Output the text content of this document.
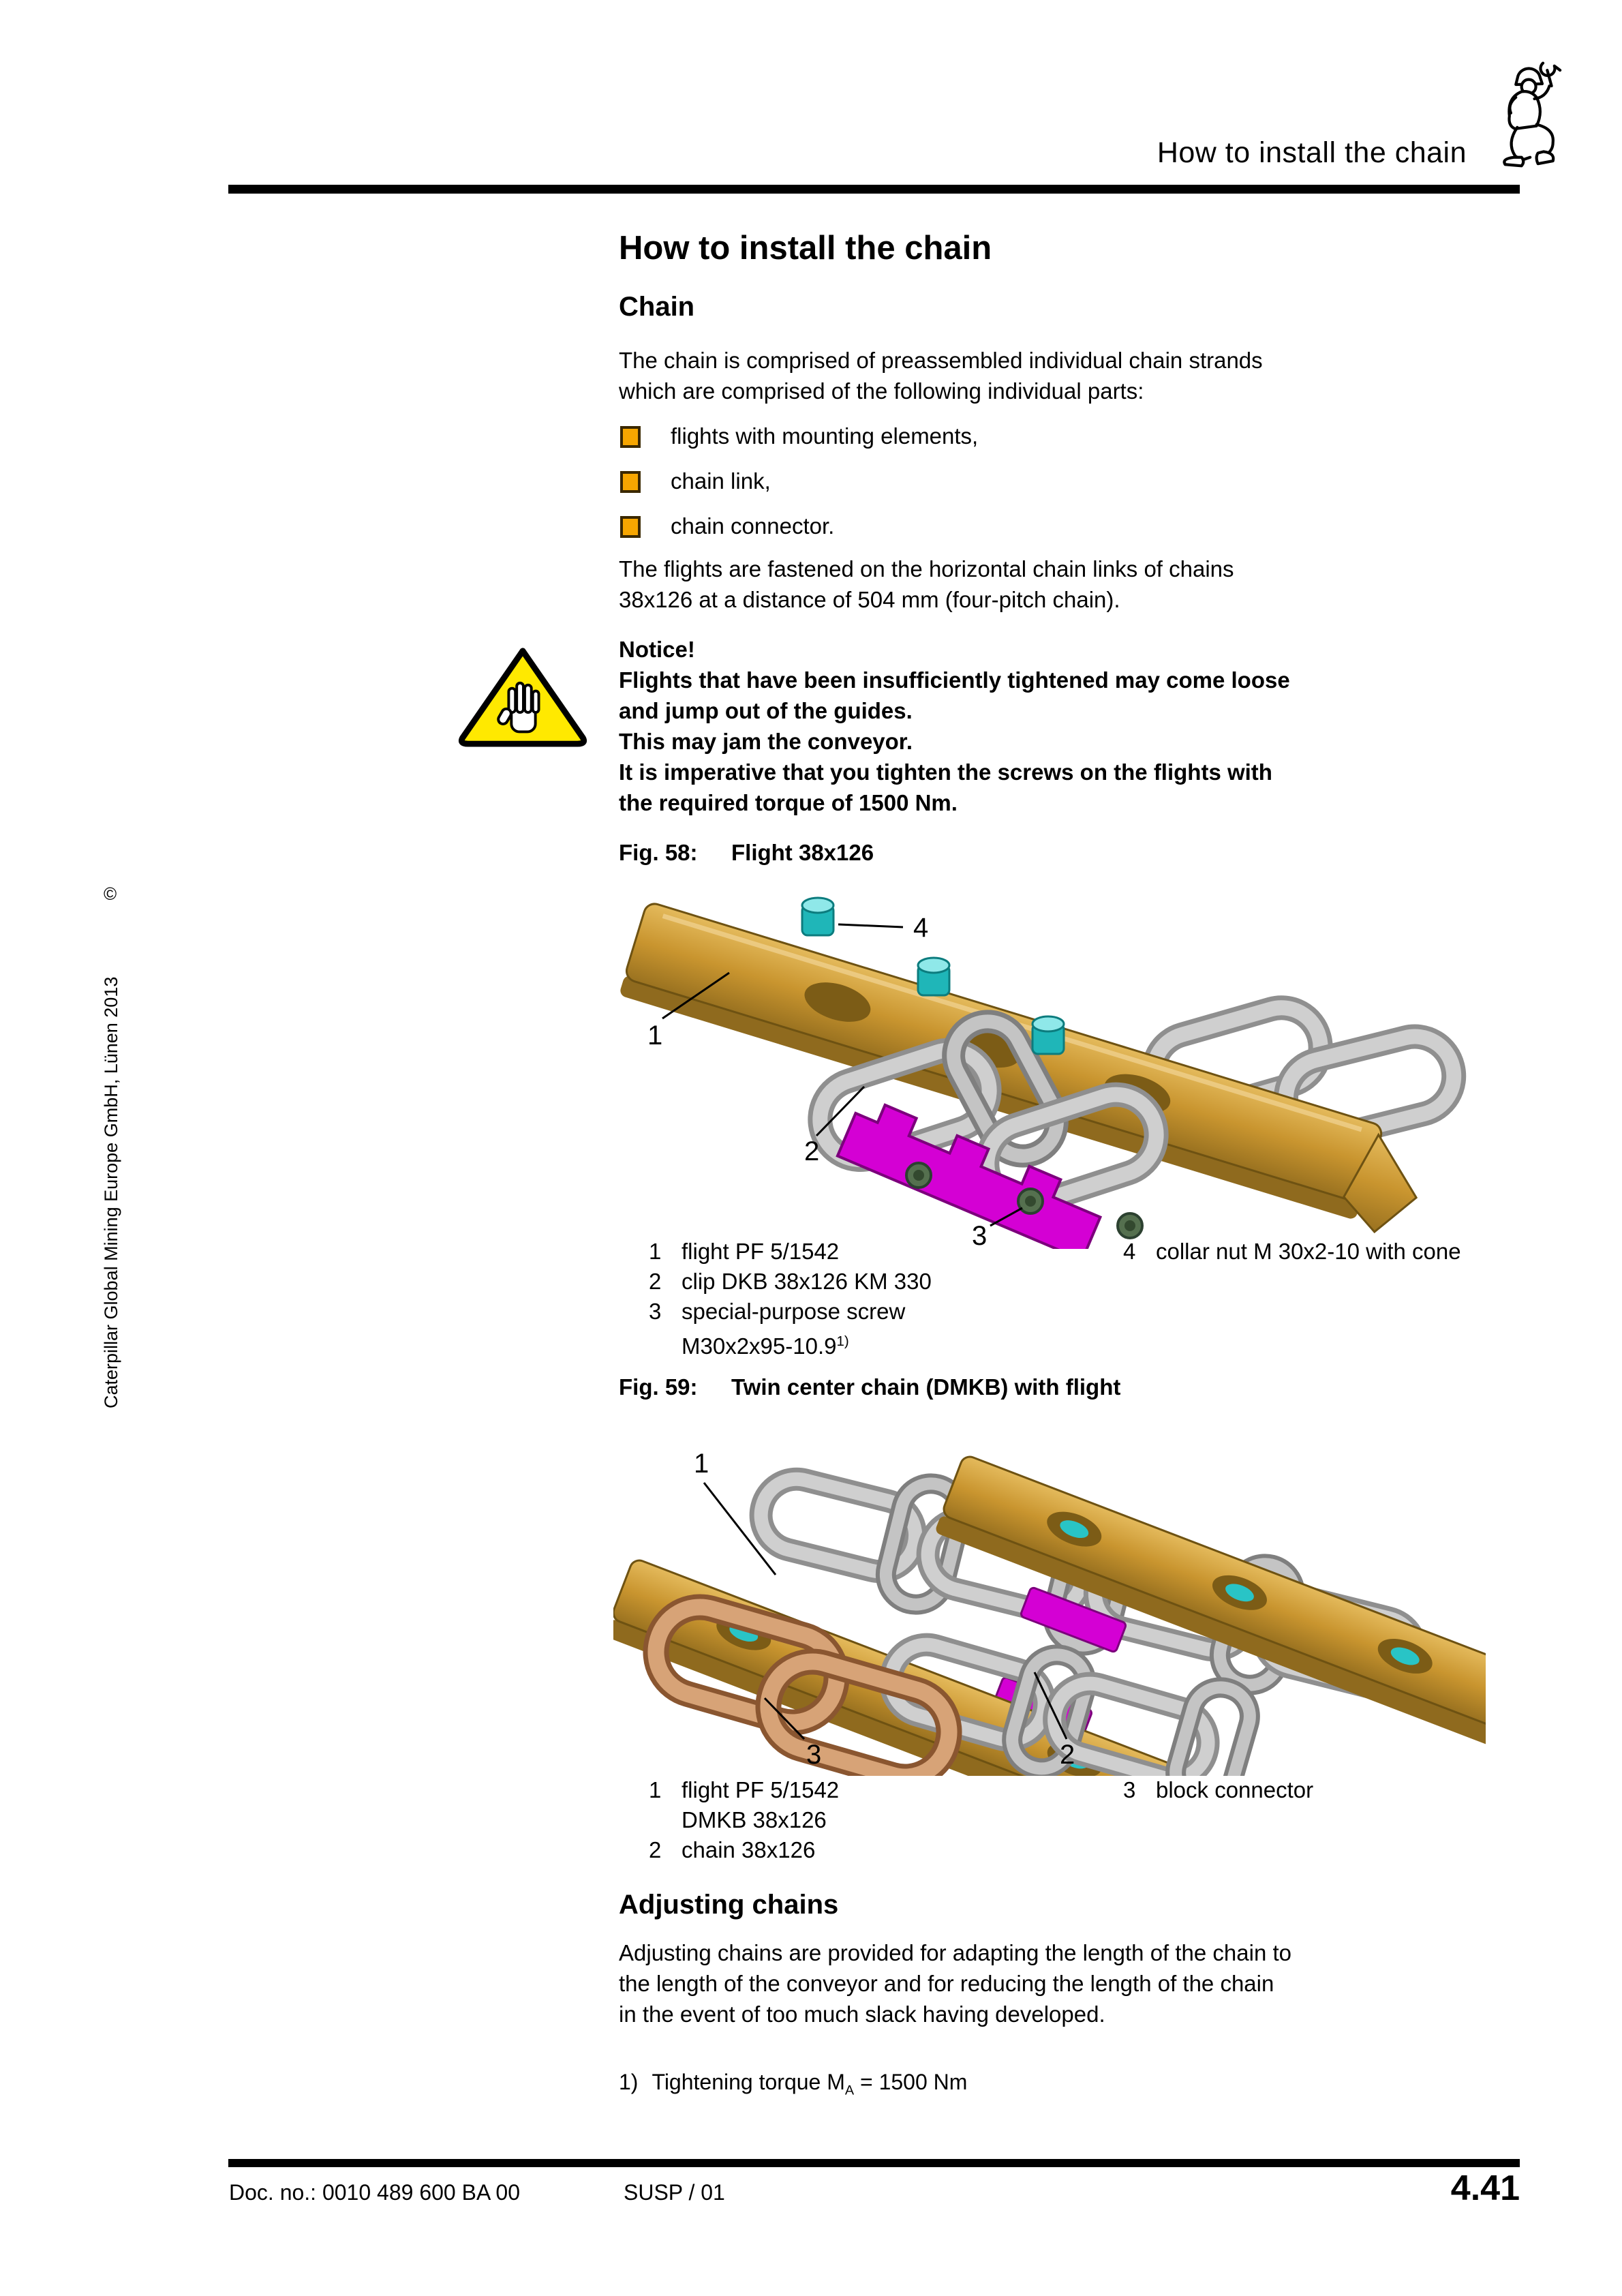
How to install the chain
©
Caterpillar Global Mining Europe GmbH, Lünen 2013
How to install the chain
Chain
The chain is comprised of preassembled individual chain strands
which are comprised of the following individual parts:
flights with mounting elements,
chain link,
chain connector.
The flights are fastened on the horizontal chain links of chains
38x126 at a distance of 504 mm (four-pitch chain).
Notice!
Flights that have been insufficiently tightened may come loose
and jump out of the guides.
This may jam the conveyor.
It is imperative that you tighten the screws on the flights with
the required torque of 1500 Nm.
Fig. 58:	Flight 38x126
4
1
2
3
1 flight PF 5/1542
2 clip DKB 38x126 KM 330
3 special-purpose screw
M30x2x95-10.9$^{1)}$
4 collar nut M 30x2-10 with cone
Fig. 59:	Twin center chain (DMKB) with flight
1
3	2
1 flight PF 5/1542
DMKB 38x126
2 chain 38x126
3 block connector
Adjusting chains
Adjusting chains are provided for adapting the length of the chain to
the length of the conveyor and for reducing the length of the chain
in the event of too much slack having developed.
1) Tightening torque $M_A = 1500$ Nm
Doc. no.: 0010 489 600 BA 00	SUSP / 01	4.41
